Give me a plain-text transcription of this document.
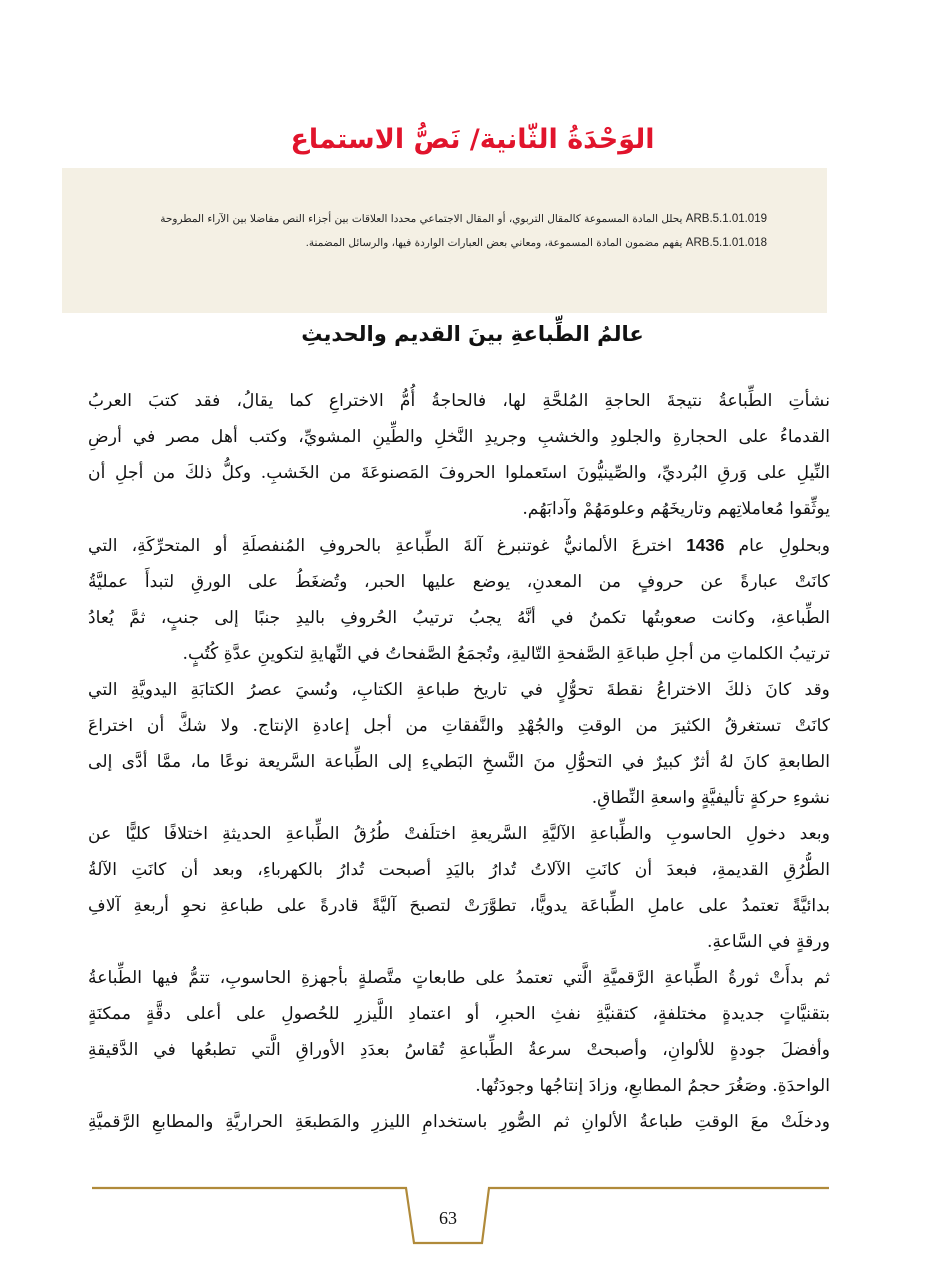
الوَحْدَةُ الثّانية/ نَصُّ الاستماع
ARB.5.1.01.019 يحلل المادة المسموعة كالمقال التربوي، أو المقال الاجتماعي محددا العلاقات بين أجزاء النص مفاضلا بين الآراء المطروحة
ARB.5.1.01.018 يفهم مضمون المادة المسموعة، ومعاني بعض العبارات الواردة فيها، والرسائل المضمنة.
عالمُ الطِّباعةِ بينَ القديم والحديثِ
نشأتِ الطِّباعةُ نتيجةَ الحاجةِ المُلحَّةِ لها، فالحاجةُ أُمُّ الاختراعِ كما يقالُ، فقد كتبَ العربُ
القدماءُ على الحجارةِ والجلودِ والخشبِ وجريدِ النَّخلِ والطِّينِ المشويِّ، وكتب أهل مصر في أرضِ
النِّيلِ على وَرقِ البُرديِّ، والصِّينيُّونَ استَعملوا الحروفَ المَصنوعَةَ من الخَشبِ. وكلُّ ذلكَ من أجلِ أن
يوثِّقوا مُعاملاتِهم وتاريخَهُم وعلومَهُمْ وآدابَهُم.
وبحلولِ عام 1436 اخترعَ الألمانيُّ غوتنبرغ آلةَ الطِّباعةِ بالحروفِ المُنفصلَةِ أو المتحرِّكَةِ، التي
كانَتْ عبارةً عن حروفٍ من المعدنِ، يوضع عليها الحبر، وتُضغَطُ على الورقِ لتبدأَ عمليَّةُ
الطِّباعةِ، وكانت صعوبتُها تكمنُ في أنَّهُ يجبُ ترتيبُ الحُروفِ باليدِ جنبًا إلى جنبٍ، ثمَّ يُعادُ
ترتيبُ الكلماتِ من أجلِ طباعَةِ الصَّفحةِ التّاليةِ، وتُجمَعُ الصَّفحاتُ في النِّهايةِ لتكوينِ عدَّةِ كُتُبٍ.
وقد كانَ ذلكَ الاختراعُ نقطةَ تحوُّلٍ في تاريخ طباعةِ الكتابِ، ونُسيَ عصرُ الكتابَةِ اليدويَّةِ التي
كانَتْ تستغرقُ الكثيرَ من الوقتِ والجُهْدِ والنَّفقاتِ من أجل إعادةِ الإنتاج. ولا شكَّ أن اختراعَ
الطابعةِ كانَ لهُ أثرٌ كبيرٌ في التحوُّلِ منَ النَّسخِ البَطيءِ إلى الطِّباعة السَّريعة نوعًا ما، ممَّا أدَّى إلى
نشوءِ حركةٍ تأليفيَّةٍ واسعةِ النِّطاقِ.
وبعد دخولِ الحاسوبِ والطِّباعةِ الآليَّةِ السَّريعةِ اختلَفتْ طُرُقُ الطِّباعةِ الحديثةِ اختلافًا كليًّا عن
الطُّرُقِ القديمةِ، فبعدَ أن كانَتِ الآلاتُ تُدارُ باليَدِ أصبحت تُدارُ بالكهرباءِ، وبعد أن كانَتِ الآلةُ
بدائيَّةً تعتمدُ على عاملِ الطِّباعَة يدويًّا، تطوَّرَتْ لتصبحَ آليَّةً قادرةً على طباعةِ نحوِ أربعةِ آلافِ
ورقةٍ في السَّاعةِ.
ثم بدأَتْ ثورةُ الطِّباعةِ الرَّقميَّةِ الَّتي تعتمدُ على طابعاتٍ متَّصلةٍ بأجهزةِ الحاسوبِ، تتمُّ فيها الطِّباعةُ
بتقنيَّاتٍ جديدةٍ مختلفةٍ، كتقنيَّةِ نفثِ الحبرِ، أو اعتمادِ اللَّيزرِ للحُصولِ على أعلى دقَّةٍ ممكنَةٍ
وأفضلَ جودةٍ للألوانِ، وأصبحتْ سرعةُ الطِّباعةِ تُقاسُ بعدَدِ الأوراقِ الَّتي تطبعُها في الدَّقيقةِ
الواحدَةِ. وصَغُرَ حجمُ المطابعِ، وزادَ إنتاجُها وجودَتُها.
ودخلَتْ معَ الوقتِ طباعةُ الألوانِ ثم الصُّورِ باستخدامِ الليزرِ والمَطبعَةِ الحراريَّةِ والمطابعِ الرَّقميَّةِ
63
